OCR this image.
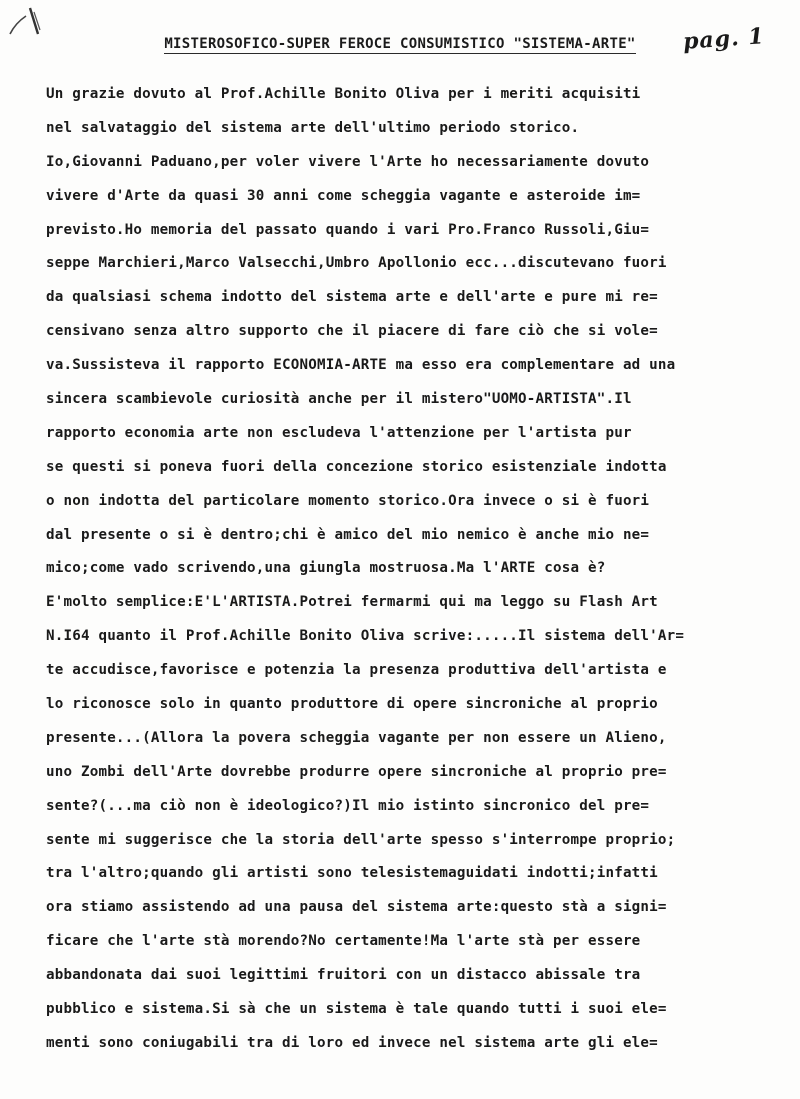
MISTEROSOFICO-SUPER FEROCE CONSUMISTICO "SISTEMA-ARTE"	pag. 1
Un grazie dovuto al Prof.Achille Bonito Oliva per i meriti acquisiti
nel salvataggio del sistema arte dell'ultimo periodo storico.
Io,Giovanni Paduano,per voler vivere l'Arte ho necessariamente dovuto
vivere d'Arte da quasi 30 anni come scheggia vagante e asteroide im=
previsto.Ho memoria del passato quando i vari Pro.Franco Russoli,Giu=
seppe Marchieri,Marco Valsecchi,Umbro Apollonio ecc...discutevano fuori
da qualsiasi schema indotto del sistema arte e dell'arte e pure mi re=
censivano senza altro supporto che il piacere di fare ciò che si vole=
va.Sussisteva il rapporto ECONOMIA-ARTE ma esso era complementare ad una
sincera scambievole curiosità anche per il mistero"UOMO-ARTISTA".Il
rapporto economia arte non escludeva l'attenzione per l'artista pur
se questi si poneva fuori della concezione storico esistenziale indotta
o non indotta del particolare momento storico.Ora invece o si è fuori
dal presente o si è dentro;chi è amico del mio nemico è anche mio ne=
mico;come vado scrivendo,una giungla mostruosa.Ma l'ARTE cosa è?
E'molto semplice:E'L'ARTISTA.Potrei fermarmi qui ma leggo su Flash Art
N.I64 quanto il Prof.Achille Bonito Oliva scrive:.....Il sistema dell'Ar=
te accudisce,favorisce e potenzia la presenza produttiva dell'artista e
lo riconosce solo in quanto produttore di opere sincroniche al proprio
presente...(Allora la povera scheggia vagante per non essere un Alieno,
uno Zombi dell'Arte dovrebbe produrre opere sincroniche al proprio pre=
sente?(...ma ciò non è ideologico?)Il mio istinto sincronico del pre=
sente mi suggerisce che la storia dell'arte spesso s'interrompe proprio;
tra l'altro;quando gli artisti sono telesistemaguidati indotti;infatti
ora stiamo assistendo ad una pausa del sistema arte:questo stà a signi=
ficare che l'arte stà morendo?No certamente!Ma l'arte stà per essere
abbandonata dai suoi legittimi fruitori con un distacco abissale tra
pubblico e sistema.Si sà che un sistema è tale quando tutti i suoi ele=
menti sono coniugabili tra di loro ed invece nel sistema arte gli ele=
